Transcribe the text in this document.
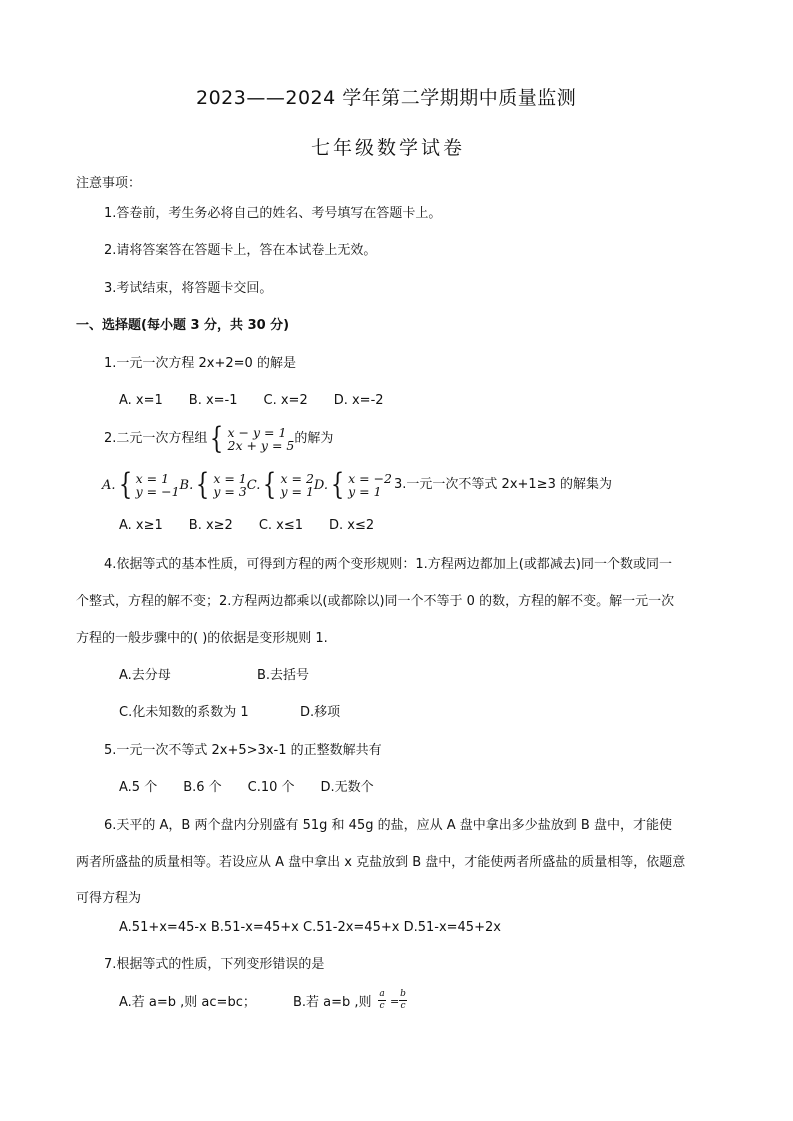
2023——2024 学年第二学期期中质量监测
七年级数学试卷
注意事项：
1.答卷前，考生务必将自己的姓名、考号填写在答题卡上。
2.请将答案答在答题卡上，答在本试卷上无效。
3.考试结束，将答题卡交回。
一、选择题(每小题 3 分，共 30 分)
1.一元一次方程 2x+2=0 的解是
A. x=1　　B. x=-1　　C. x=2　　D. x=-2
2.二元一次方程组 { x − y = 1
2x + y = 5 的解为
A. { x = 1
y = −1 B. { x = 1
y = 3 C. { x = 2
y = 1 D. { x = −2
y = 1 3.一元一次不等式 2x+1≥3 的解集为
A. x≥1　　B. x≥2　　C. x≤1　　D. x≤2
4.依据等式的基本性质，可得到方程的两个变形规则：1.方程两边都加上(或都减去)同一个数或同一
个整式，方程的解不变；2.方程两边都乘以(或都除以)同一个不等于 0 的数，方程的解不变。解一元一次
方程的一般步骤中的( )的依据是变形规则 1.
A.去分母	B.去括号
C.化未知数的系数为 1	D.移项
5.一元一次不等式 2x+5>3x-1 的正整数解共有
A.5 个　　B.6 个　　C.10 个　　D.无数个
6.天平的 A，B 两个盘内分别盛有 51g 和 45g 的盐，应从 A 盘中拿出多少盐放到 B 盘中，才能使
两者所盛盐的质量相等。若设应从 A 盘中拿出 x 克盐放到 B 盘中，才能使两者所盛盐的质量相等，依题意
可得方程为
A.51+x=45-x B.51-x=45+x C.51-2x=45+x D.51-x=45+2x
7.根据等式的性质，下列变形错误的是
A.若 a=b ,则 ac=bc；	B.若 a=b ,则
a
c =
b
c
